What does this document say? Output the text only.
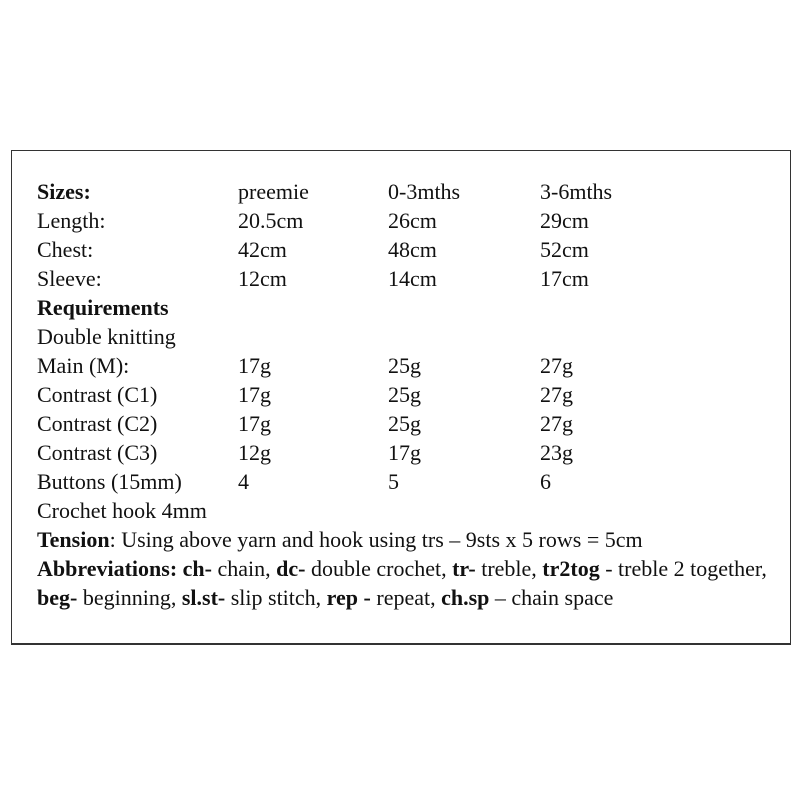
Sizes:	preemie	0-3mths	3-6mths
Length:	20.5cm	26cm	29cm
Chest:	42cm	48cm	52cm
Sleeve:	12cm	14cm	17cm
Requirements
Double knitting
Main (M):	17g	25g	27g
Contrast (C1)	17g	25g	27g
Contrast (C2)	17g	25g	27g
Contrast (C3)	12g	17g	23g
Buttons (15mm)	4	5	6
Crochet hook 4mm
Tension: Using above yarn and hook using trs – 9sts x 5 rows = 5cm
Abbreviations: ch- chain, dc- double crochet, tr- treble, tr2tog - treble 2 together, beg- beginning, sl.st- slip stitch, rep - repeat, ch.sp – chain space
